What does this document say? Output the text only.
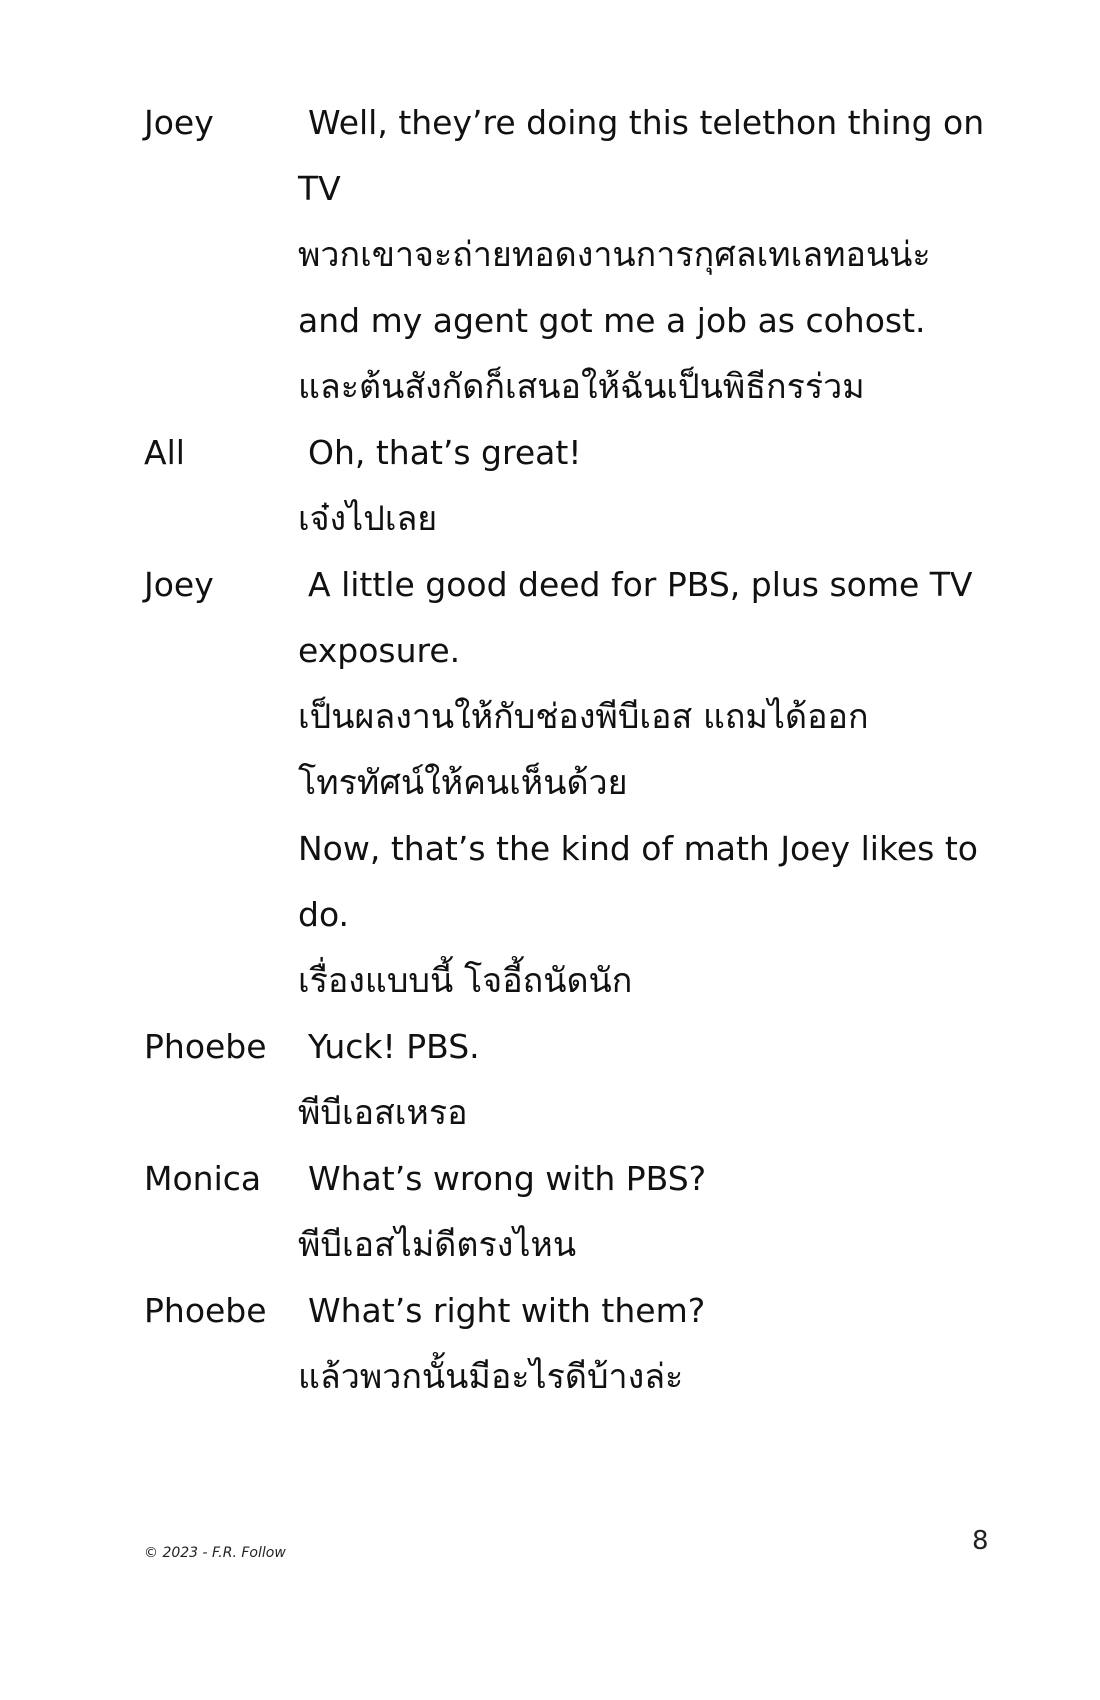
Joey	Well, they’re doing this telethon thing on
TV
พวกเขาจะถ่ายทอดงานการกุศลเทเลทอนน่ะ
and my agent got me a job as cohost.
และต้นสังกัดก็เสนอให้ฉันเป็นพิธีกรร่วม
All	Oh, that’s great!
เจ๋งไปเลย
Joey	A little good deed for PBS, plus some TV
exposure.
เป็นผลงานให้กับช่องพีบีเอส แถมได้ออก
โทรทัศน์ให้คนเห็นด้วย
Now, that’s the kind of math Joey likes to
do.
เรื่องแบบนี้ โจอี้ถนัดนัก
Phoebe	Yuck! PBS.
พีบีเอสเหรอ
Monica	What’s wrong with PBS?
พีบีเอสไม่ดีตรงไหน
Phoebe	What’s right with them?
แล้วพวกนั้นมีอะไรดีบ้างล่ะ
© 2023 - F.R. Follow	8
